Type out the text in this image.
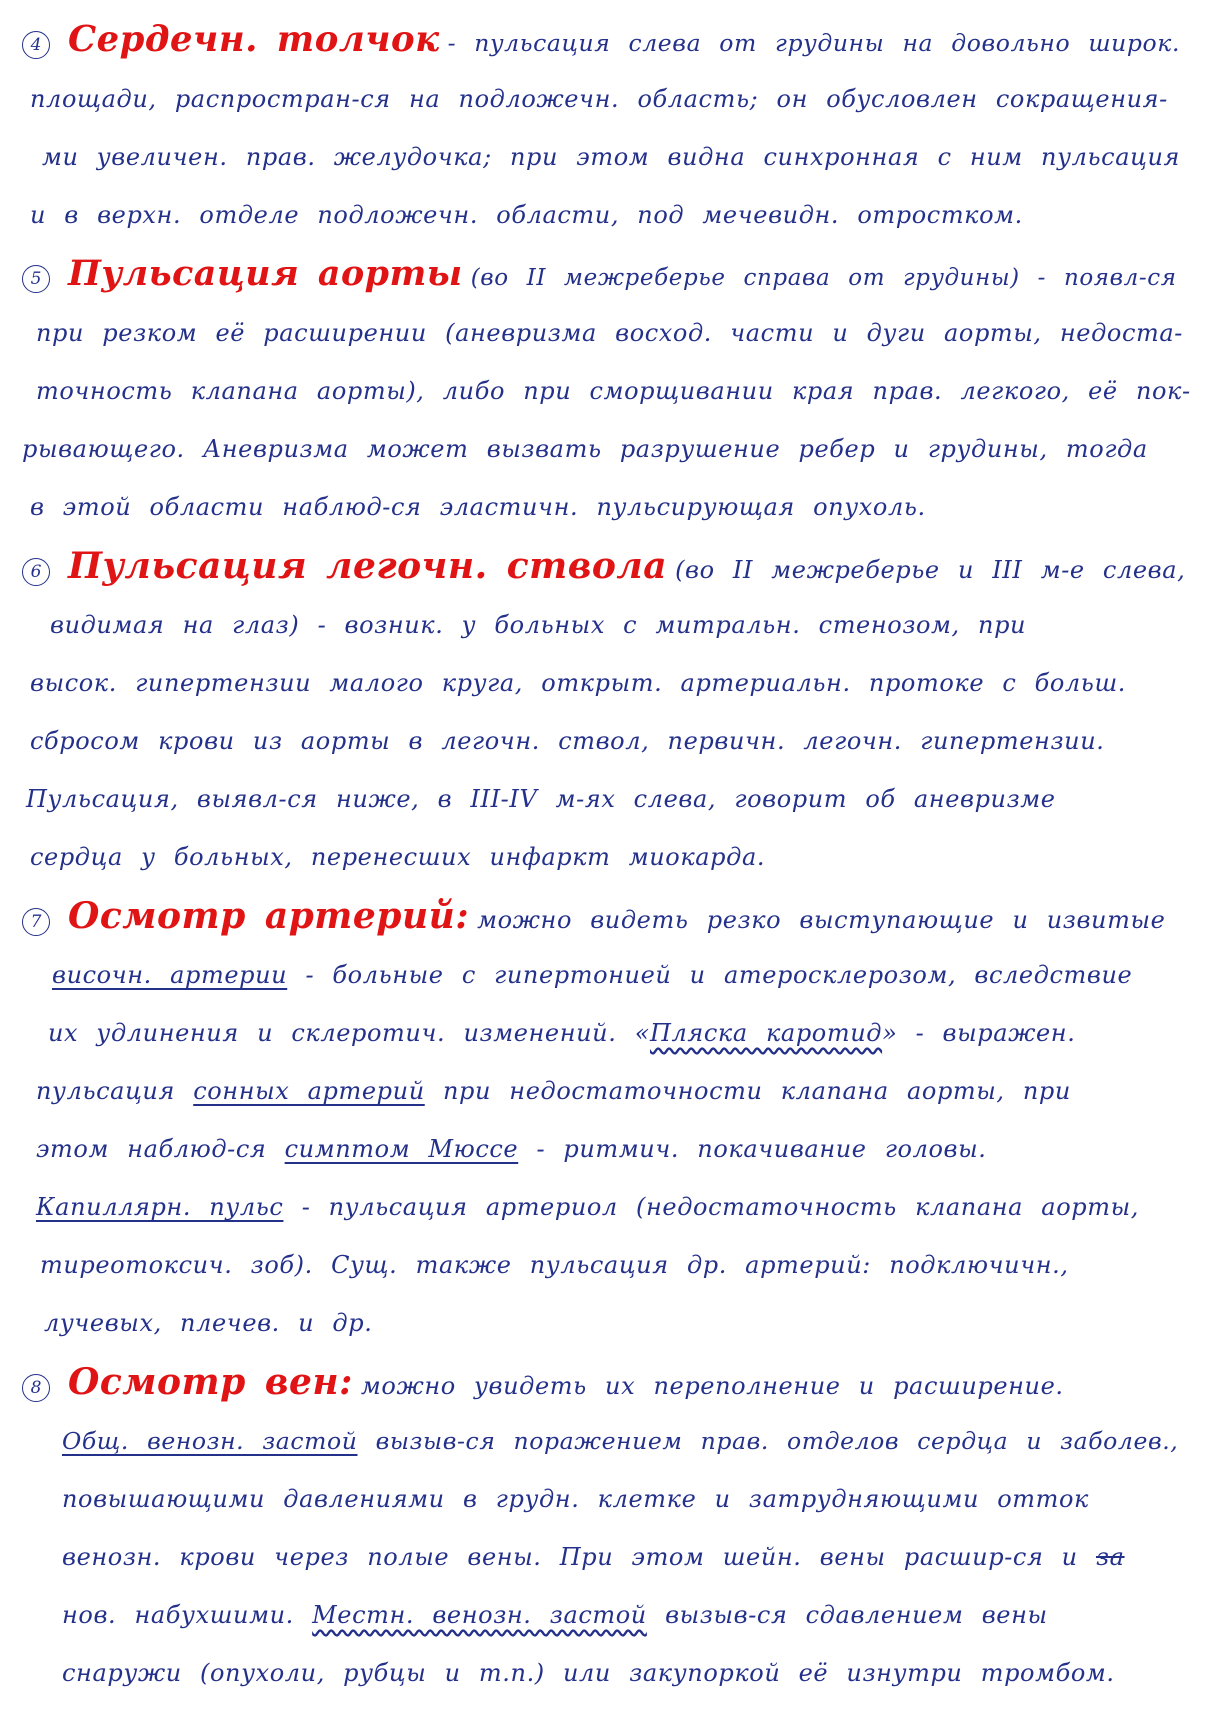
4 Сердечн. толчок - пульсация слева от грудины на довольно широк.
площади, распростран-ся на подложечн. область; он обусловлен сокращения-
ми увеличен. прав. желудочка; при этом видна синхронная с ним пульсация
и в верхн. отделе подложечн. области, под мечевидн. отростком.
5 Пульсация аорты (во II межреберье справа от грудины) - появл-ся
при резком её расширении (аневризма восход. части и дуги аорты, недоста-
точность клапана аорты), либо при сморщивании края прав. легкого, её пок-
рывающего. Аневризма может вызвать разрушение ребер и грудины, тогда
в этой области наблюд-ся эластичн. пульсирующая опухоль.
6 Пульсация легочн. ствола (во II межреберье и III м-е слева,
видимая на глаз) - возник. у больных с митральн. стенозом, при
высок. гипертензии малого круга, открыт. артериальн. протоке с больш.
сбросом крови из аорты в легочн. ствол, первичн. легочн. гипертензии.
Пульсация, выявл-ся ниже, в III-IV м-ях слева, говорит об аневризме
сердца у больных, перенесших инфаркт миокарда.
7 Осмотр артерий: можно видеть резко выступающие и извитые
височн. артерии - больные с гипертонией и атеросклерозом, вследствие
их удлинения и склеротич. изменений. «Пляска каротид» - выражен.
пульсация сонных артерий при недостаточности клапана аорты, при
этом наблюд-ся симптом Мюссе - ритмич. покачивание головы.
Капиллярн. пульс - пульсация артериол (недостаточность клапана аорты,
тиреотоксич. зоб). Сущ. также пульсация др. артерий: подключичн.,
лучевых, плечев. и др.
8 Осмотр вен: можно увидеть их переполнение и расширение.
Общ. венозн. застой вызыв-ся поражением прав. отделов сердца и заболев.,
повышающими давлениями в грудн. клетке и затрудняющими отток
венозн. крови через полые вены. При этом шейн. вены расшир-ся и за
нов. набухшими. Местн. венозн. застой вызыв-ся сдавлением вены
снаружи (опухоли, рубцы и т.п.) или закупоркой её изнутри тромбом.
